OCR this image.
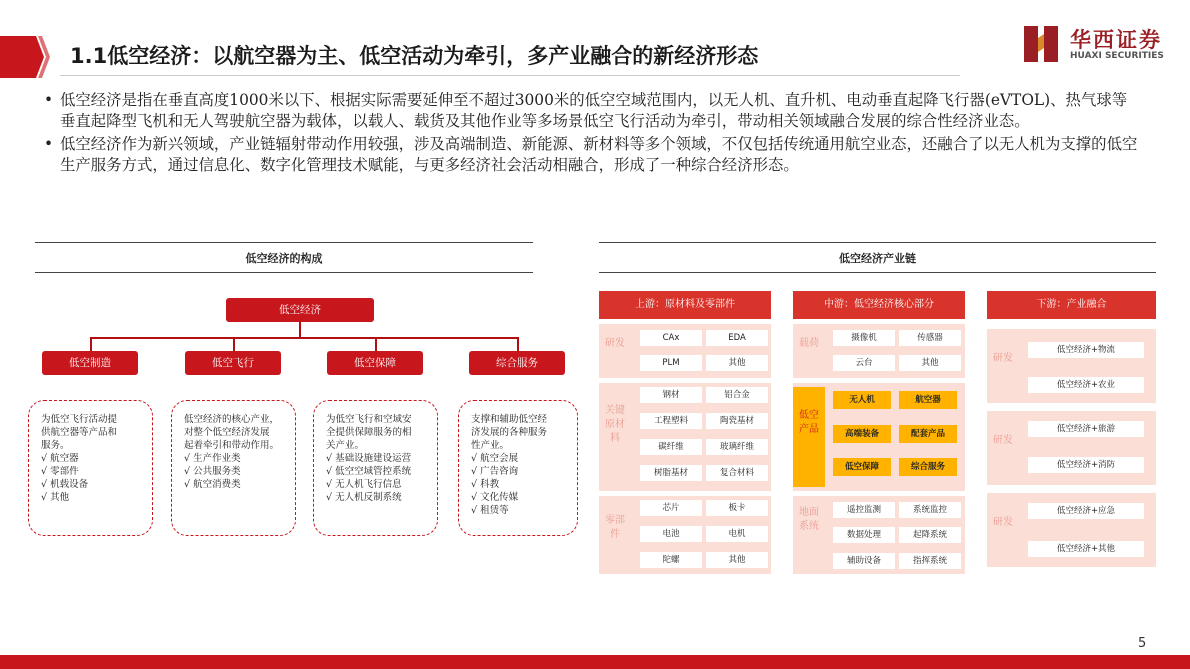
1.1低空经济：以航空器为主、低空活动为牵引，多产业融合的新经济形态
华西证券
HUAXI SECURITIES
• 低空经济是指在垂直高度1000米以下、根据实际需要延伸至不超过3000米的低空空域范围内，以无人机、直升机、电动垂直起降飞行器(eVTOL)、热气球等垂直起降型飞机和无人驾驶航空器为载体，以载人、载货及其他作业等多场景低空飞行活动为牵引，带动相关领域融合发展的综合性经济业态。
• 低空经济作为新兴领域，产业链辐射带动作用较强，涉及高端制造、新能源、新材料等多个领域，不仅包括传统通用航空业态，还融合了以无人机为支撑的低空生产服务方式，通过信息化、数字化管理技术赋能，与更多经济社会活动相融合，形成了一种综合经济形态。
低空经济的构成
低空经济
低空制造	低空飞行	低空保障	综合服务
为低空飞行活动提
供航空器等产品和
服务。
√ 航空器
√ 零部件
√ 机载设备
√ 其他
低空经济的核心产业，
对整个低空经济发展
起着牵引和带动作用。
√ 生产作业类
√ 公共服务类
√ 航空消费类
为低空飞行和空域安
全提供保障服务的相
关产业。
√ 基础设施建设运营
√ 低空空域管控系统
√ 无人机飞行信息
√ 无人机反制系统
支撑和辅助低空经
济发展的各种服务
性产业。
√ 航空会展
√ 广告咨询
√ 科教
√ 文化传媒
√ 租赁等
低空经济产业链
上游：原材料及零部件
研发	CAx	EDA
PLM	其他
关键原材料
钢材	铝合金
工程塑料	陶瓷基材
碳纤维	玻璃纤维
树脂基材	复合材料
零部件
芯片	板卡
电池	电机
陀螺	其他
中游：低空经济核心部分
载荷	摄像机	传感器
云台	其他
低空产品
无人机	航空器
高端装备	配套产品
低空保障	综合服务
地面系统
遥控监测	系统监控
数据处理	起降系统
辅助设备	指挥系统
下游：产业融合
研发
低空经济+物流
低空经济+农业
研发
低空经济+旅游
低空经济+消防
研发
低空经济+应急
低空经济+其他
5
